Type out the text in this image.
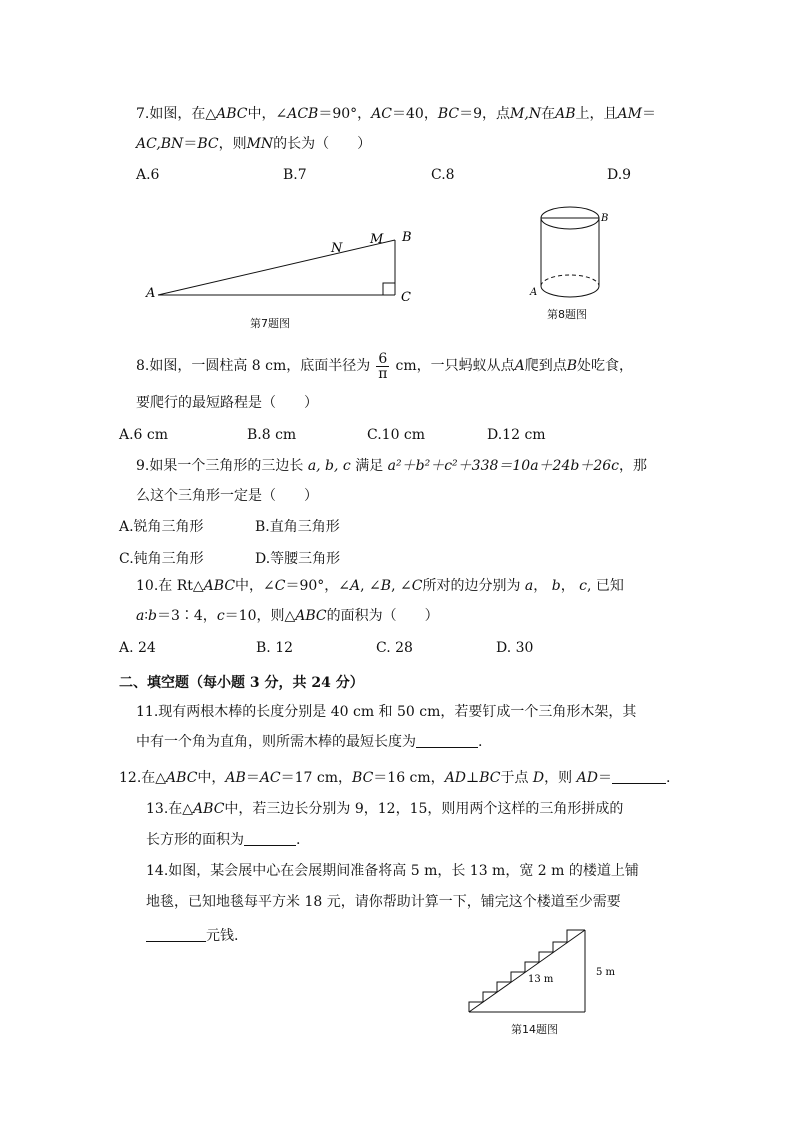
7.如图，在△ABC中，∠ACB＝90°，AC＝40，BC＝9，点M,N在AB上，且AM＝
AC,BN＝BC，则MN的长为（　　）
A.6	B.7	C.8	D.9
A
B
C
M
N
第7题图
A
B
第8题图
8.如图，一圆柱高 8 cm，底面半径为 $\frac{6}{\pi}$ cm，一只蚂蚁从点A爬到点B处吃食，
要爬行的最短路程是（　　）
A.6 cm	B.8 cm	C.10 cm	D.12 cm
9.如果一个三角形的三边长 a, b, c 满足 a²＋b²＋c²＋338＝10a＋24b＋26c，那
么这个三角形一定是（　　）
A.锐角三角形	B.直角三角形
C.钝角三角形	D.等腰三角形
10.在 Rt△ABC中，∠C＝90°，∠A, ∠B, ∠C所对的边分别为 a， b， c, 已知
a∶b＝3∶4，c＝10，则△ABC的面积为（　　）
A. 24	B. 12	C. 28	D. 30
二、填空题（每小题 3 分，共 24 分）
11.现有两根木棒的长度分别是 40 cm 和 50 cm，若要钉成一个三角形木架，其
中有一个角为直角，则所需木棒的最短长度为	.
12.在△ABC中，AB＝AC＝17 cm，BC＝16 cm，AD⊥BC于点 D，则 AD＝	.
13.在△ABC中，若三边长分别为 9，12，15，则用两个这样的三角形拼成的
长方形的面积为	.
14.如图，某会展中心在会展期间准备将高 5 m，长 13 m，宽 2 m 的楼道上铺
地毯，已知地毯每平方米 18 元，请你帮助计算一下，铺完这个楼道至少需要
元钱.
13 m
5 m
第14题图
